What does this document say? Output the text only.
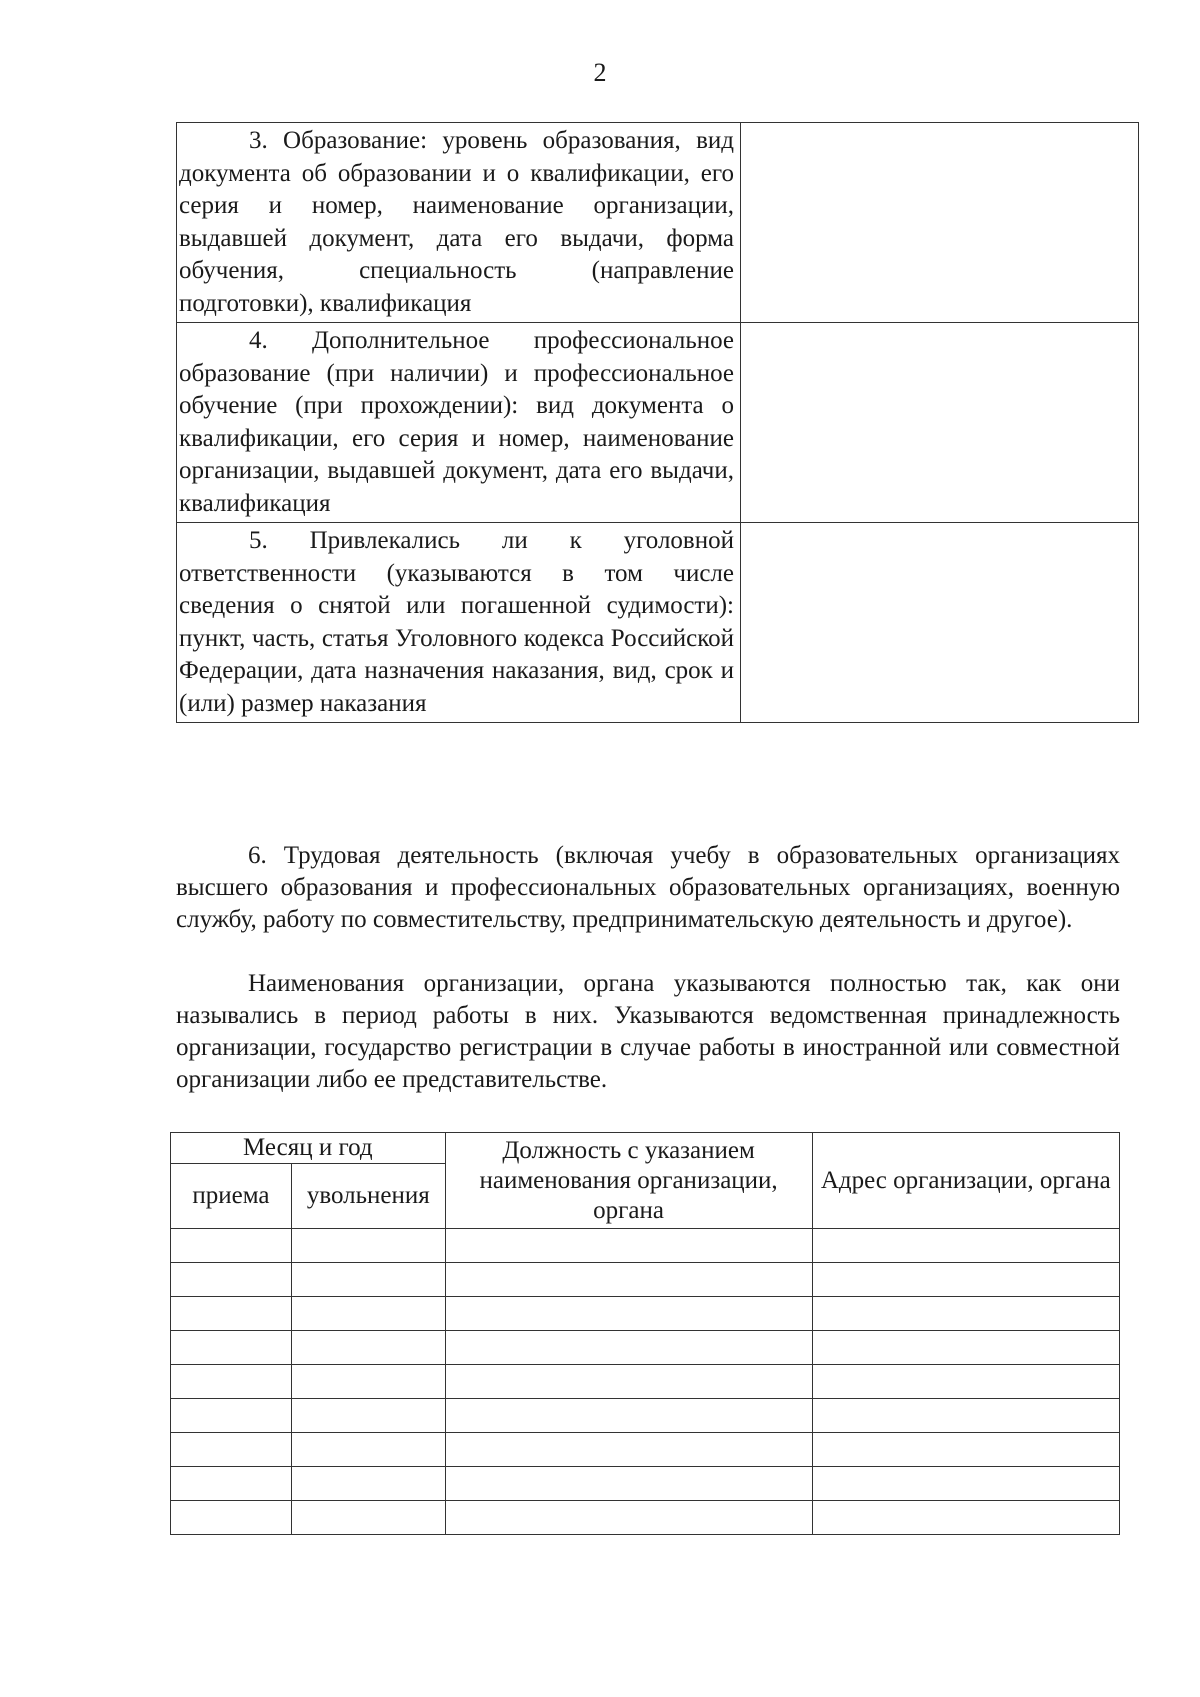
2
3. Образование: уровень образования, вид документа об образовании и о квалификации, его серия и номер, наименование организации, выдавшей документ, дата его выдачи, форма обучения, специальность (направление подготовки), квалификация	
4. Дополнительное профессиональное образование (при наличии) и профессиональное обучение (при прохождении): вид документа о квалификации, его серия и номер, наименование организации, выдавшей документ, дата его выдачи, квалификация	
5. Привлекались ли к уголовной ответственности (указываются в том числе сведения о снятой или погашенной судимости): пункт, часть, статья Уголовного кодекса Российской Федерации, дата назначения наказания, вид, срок и (или) размер наказания	

6. Трудовая деятельность (включая учебу в образовательных организациях высшего образования и профессиональных образовательных организациях, военную службу, работу по совместительству, предпринимательскую деятельность и другое).

Наименования организации, органа указываются полностью так, как они назывались в период работы в них. Указываются ведомственная принадлежность организации, государство регистрации в случае работы в иностранной или совместной организации либо ее представительстве.

Месяц и год		Должность с указанием наименования организации, органа	Адрес организации, органа
приема	увольнения		
